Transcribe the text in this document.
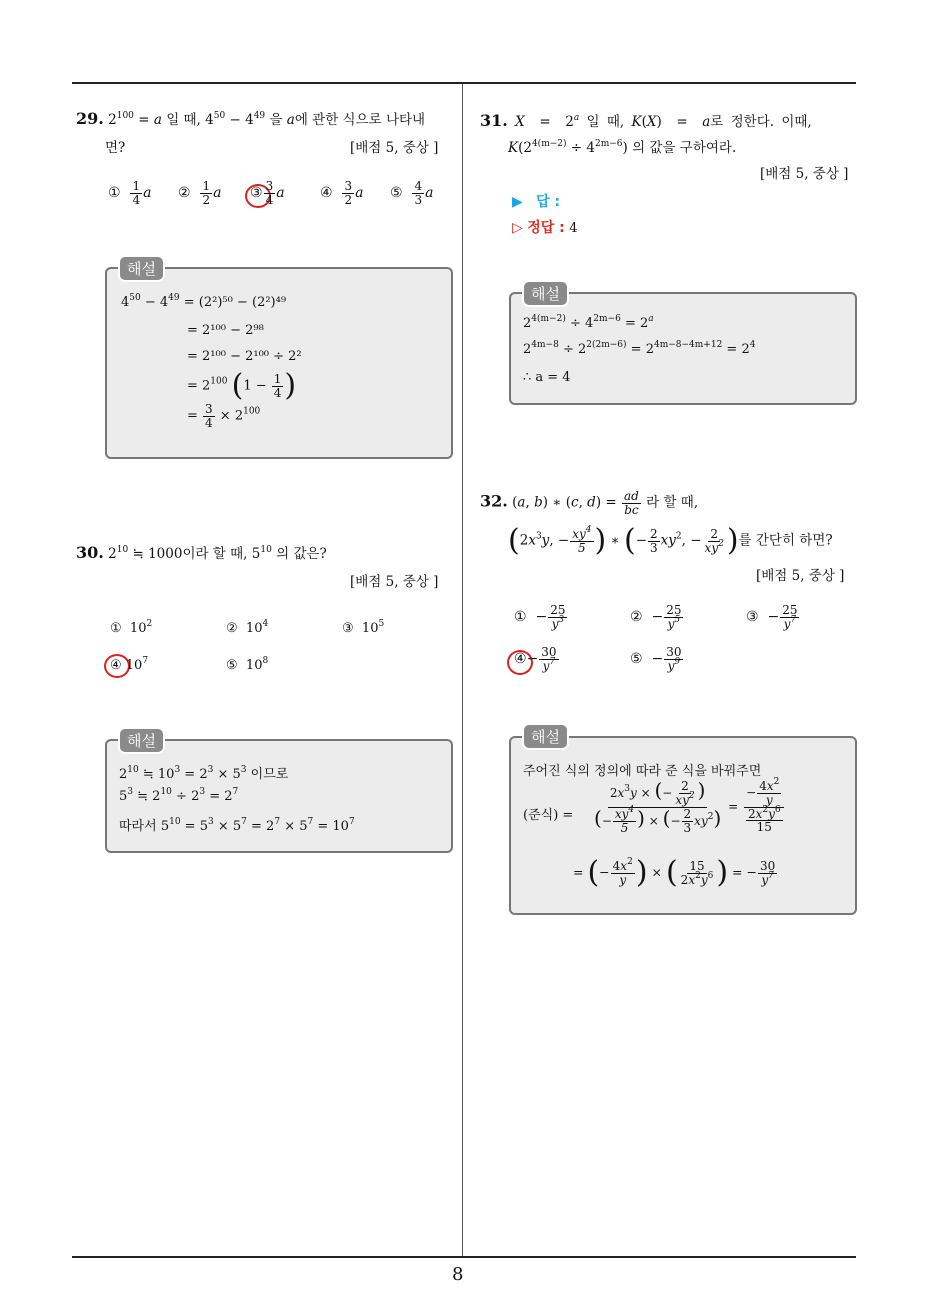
8
29. $2^{100} = a$ 일 때, $4^{50} - 4^{49}$ 을 a에 관한 식으로 나타내
면?	[배점 5, 중상 ]
① $\frac{1}{4}$ a ② $\frac{1}{2}$ a ③ $\frac{3}{4}$ a	④ $\frac{3}{2}$ a ⑤ $\frac{4}{3}$ a
$4^{50} - 4^{49} = (2^2)^{50} - (2^2)^{49}$
= 2¹⁰⁰ − 2⁹⁸
= 2¹⁰⁰ − 2¹⁰⁰ ÷ 2²
= $2^{100}$ ($1 - \frac{1}{4}$ )
= $\frac{3}{4} \times 2^{100}$
해설
30. $2^{10}$ ≒ 1000이라 할 때, $5^{10}$ 의 값은?
[배점 5, 중상 ]
①  $10^2$	②  $10^4$	③  $10^5$
④ $10^7$	⑤  $10^8$
$2^{10}$ ≒ $10^3 = 2^3 \times 5^3$ 이므로
$5^3$ ≒ $2^{10} \div 2^3 = 2^7$
따라서 $5^{10} = 5^3 \times 5^7 = 2^7 \times 5^7 = 10^7$
해설
31. X  =  2$^a$ 일 때, K(X)  =  a로 정한다. 이때,
$K(2^{4(m-2)} \div 4^{2m-6})$ 의 값을 구하여라.
[배점 5, 중상 ]
▶ 답 :
▷ 정답 : 4
$2^{4(m-2)} \div 4^{2m-6} = 2^a$
$2^{4m-8} \div 2^{2(2m-6)} = 2^{4m-8-4m+12} = 2^4$
∴ a = 4
해설
32. (a, b) ∗ (c, $d) = \frac{ad}{bc}$ 라 할 때,
($2x^3y$, − $\frac{xy^4}{5}$ ) ∗ (− $\frac{2}{3} xy^2$, − $\frac{2}{xy^2}$ )를 간단히 하면?
[배점 5, 중상 ]
①  − $\frac{25}{y^3}$	②  − $\frac{25}{y^5}$	③  − $\frac{25}{y^7}$
④− $\frac{30}{y^7}$	⑤  − $\frac{30}{y^9}$
주어진 식의 정의에 따라 준 식을 바꿔주면
(준식) = $\frac{2x^3y \times (- \frac{2}{xy^2} )}{(- \frac{xy^4}{5} ) \times (- \frac{2}{3} xy^2)} = \frac{- \frac{4x^2}{y}}{\frac{2x^2y^6}{15}}$
= (− $\frac{4x^2}{y}$ ) × ( $\frac{15}{2x^2y^6}$ ) = − $\frac{30}{y^7}$
해설
